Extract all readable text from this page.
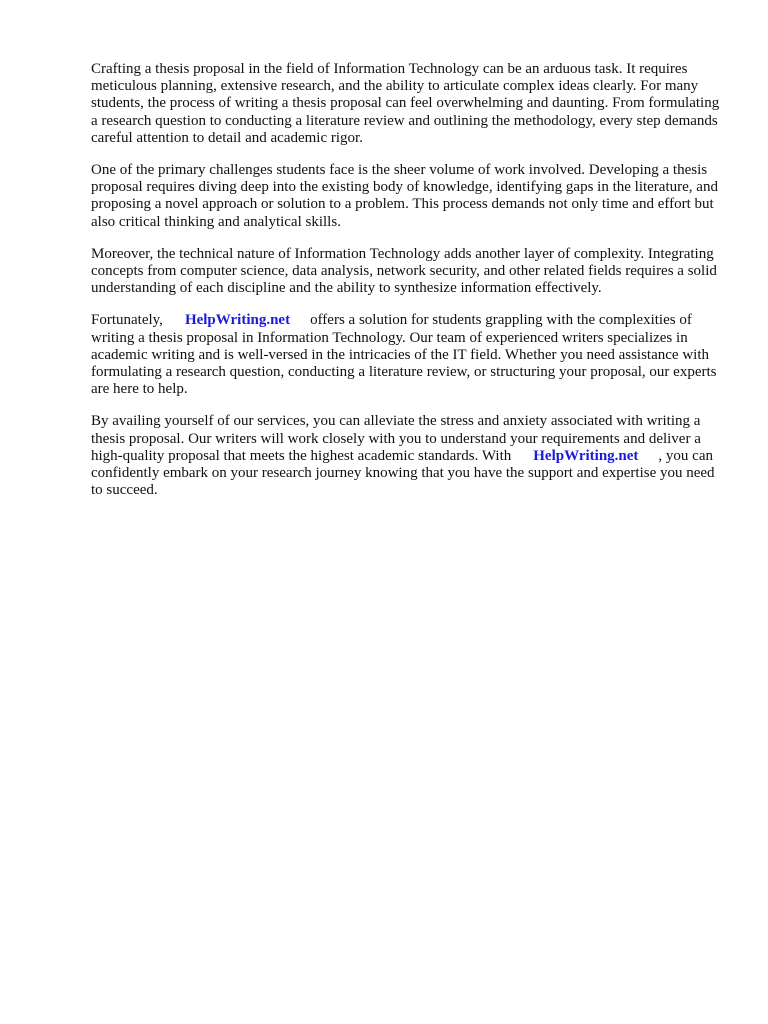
Crafting a thesis proposal in the field of Information Technology can be an arduous task. It requires meticulous planning, extensive research, and the ability to articulate complex ideas clearly. For many students, the process of writing a thesis proposal can feel overwhelming and daunting. From formulating a research question to conducting a literature review and outlining the methodology, every step demands careful attention to detail and academic rigor.

One of the primary challenges students face is the sheer volume of work involved. Developing a thesis proposal requires diving deep into the existing body of knowledge, identifying gaps in the literature, and proposing a novel approach or solution to a problem. This process demands not only time and effort but also critical thinking and analytical skills.

Moreover, the technical nature of Information Technology adds another layer of complexity. Integrating concepts from computer science, data analysis, network security, and other related fields requires a solid understanding of each discipline and the ability to synthesize information effectively.

Fortunately, HelpWriting.net offers a solution for students grappling with the complexities of writing a thesis proposal in Information Technology. Our team of experienced writers specializes in academic writing and is well-versed in the intricacies of the IT field. Whether you need assistance with formulating a research question, conducting a literature review, or structuring your proposal, our experts are here to help.

By availing yourself of our services, you can alleviate the stress and anxiety associated with writing a thesis proposal. Our writers will work closely with you to understand your requirements and deliver a high-quality proposal that meets the highest academic standards. With HelpWriting.net , you can confidently embark on your research journey knowing that you have the support and expertise you need to succeed.
